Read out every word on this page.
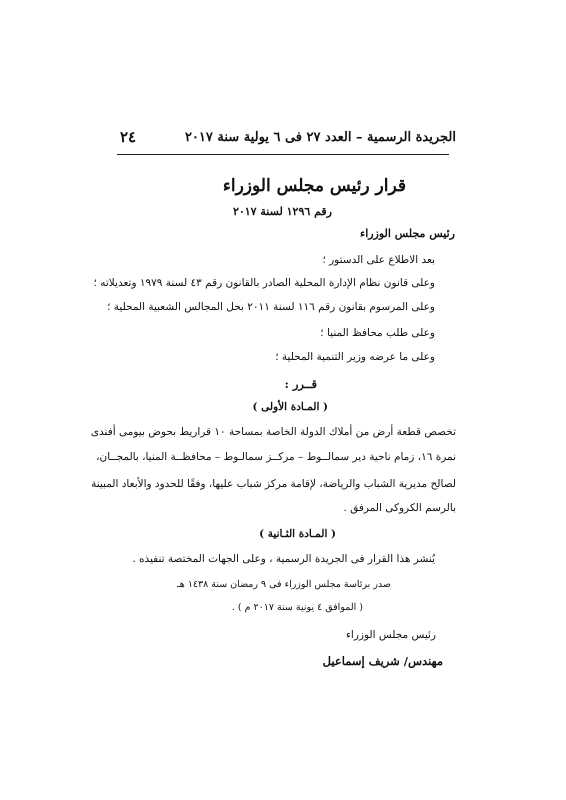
الجريدة الرسمية – العدد ٢٧ فى ٦ يولية سنة ٢٠١٧
٢٤
قرار رئيس مجلس الوزراء
رقم ١٢٩٦ لسنة ٢٠١٧
رئيس مجلس الوزراء
بعد الاطلاع على الدستور ؛
وعلى قانون نظام الإدارة المحلية الصادر بالقانون رقم ٤٣ لسنة ١٩٧٩ وتعديلاته ؛
وعلى المرسوم بقانون رقم ١١٦ لسنة ٢٠١١ بحل المجالس الشعبية المحلية ؛
وعلى طلب محافظ المنيا ؛
وعلى ما عرضه وزير التنمية المحلية ؛
قــرر :
( المـادة الأولى )
تخصص قطعة أرض من أملاك الدولة الخاصة بمساحة ١٠ قراريط بحوض بيومى أفندى
نمرة ١٦، زمام ناحية دير سمالــوط – مركــز سمالـوط – محافظــة المنيا، بالمجــان،
لصالح مديرية الشباب والرياضة، لإقامة مركز شباب عليها، وفقًا للحدود والأبعاد المبينة
بالرسم الكروكى المرفق .
( المـادة الثـانية )
يُنشر هذا القرار فى الجريدة الرسمية ، وعلى الجهات المختصة تنفيذه .
صدر برئاسة مجلس الوزراء فى ٩ رمضان سنة ١٤٣٨ هـ
( الموافق ٤ يونية سنة ٢٠١٧ م ) .
رئيس مجلس الوزراء
مهندس/ شريف إسماعيل
